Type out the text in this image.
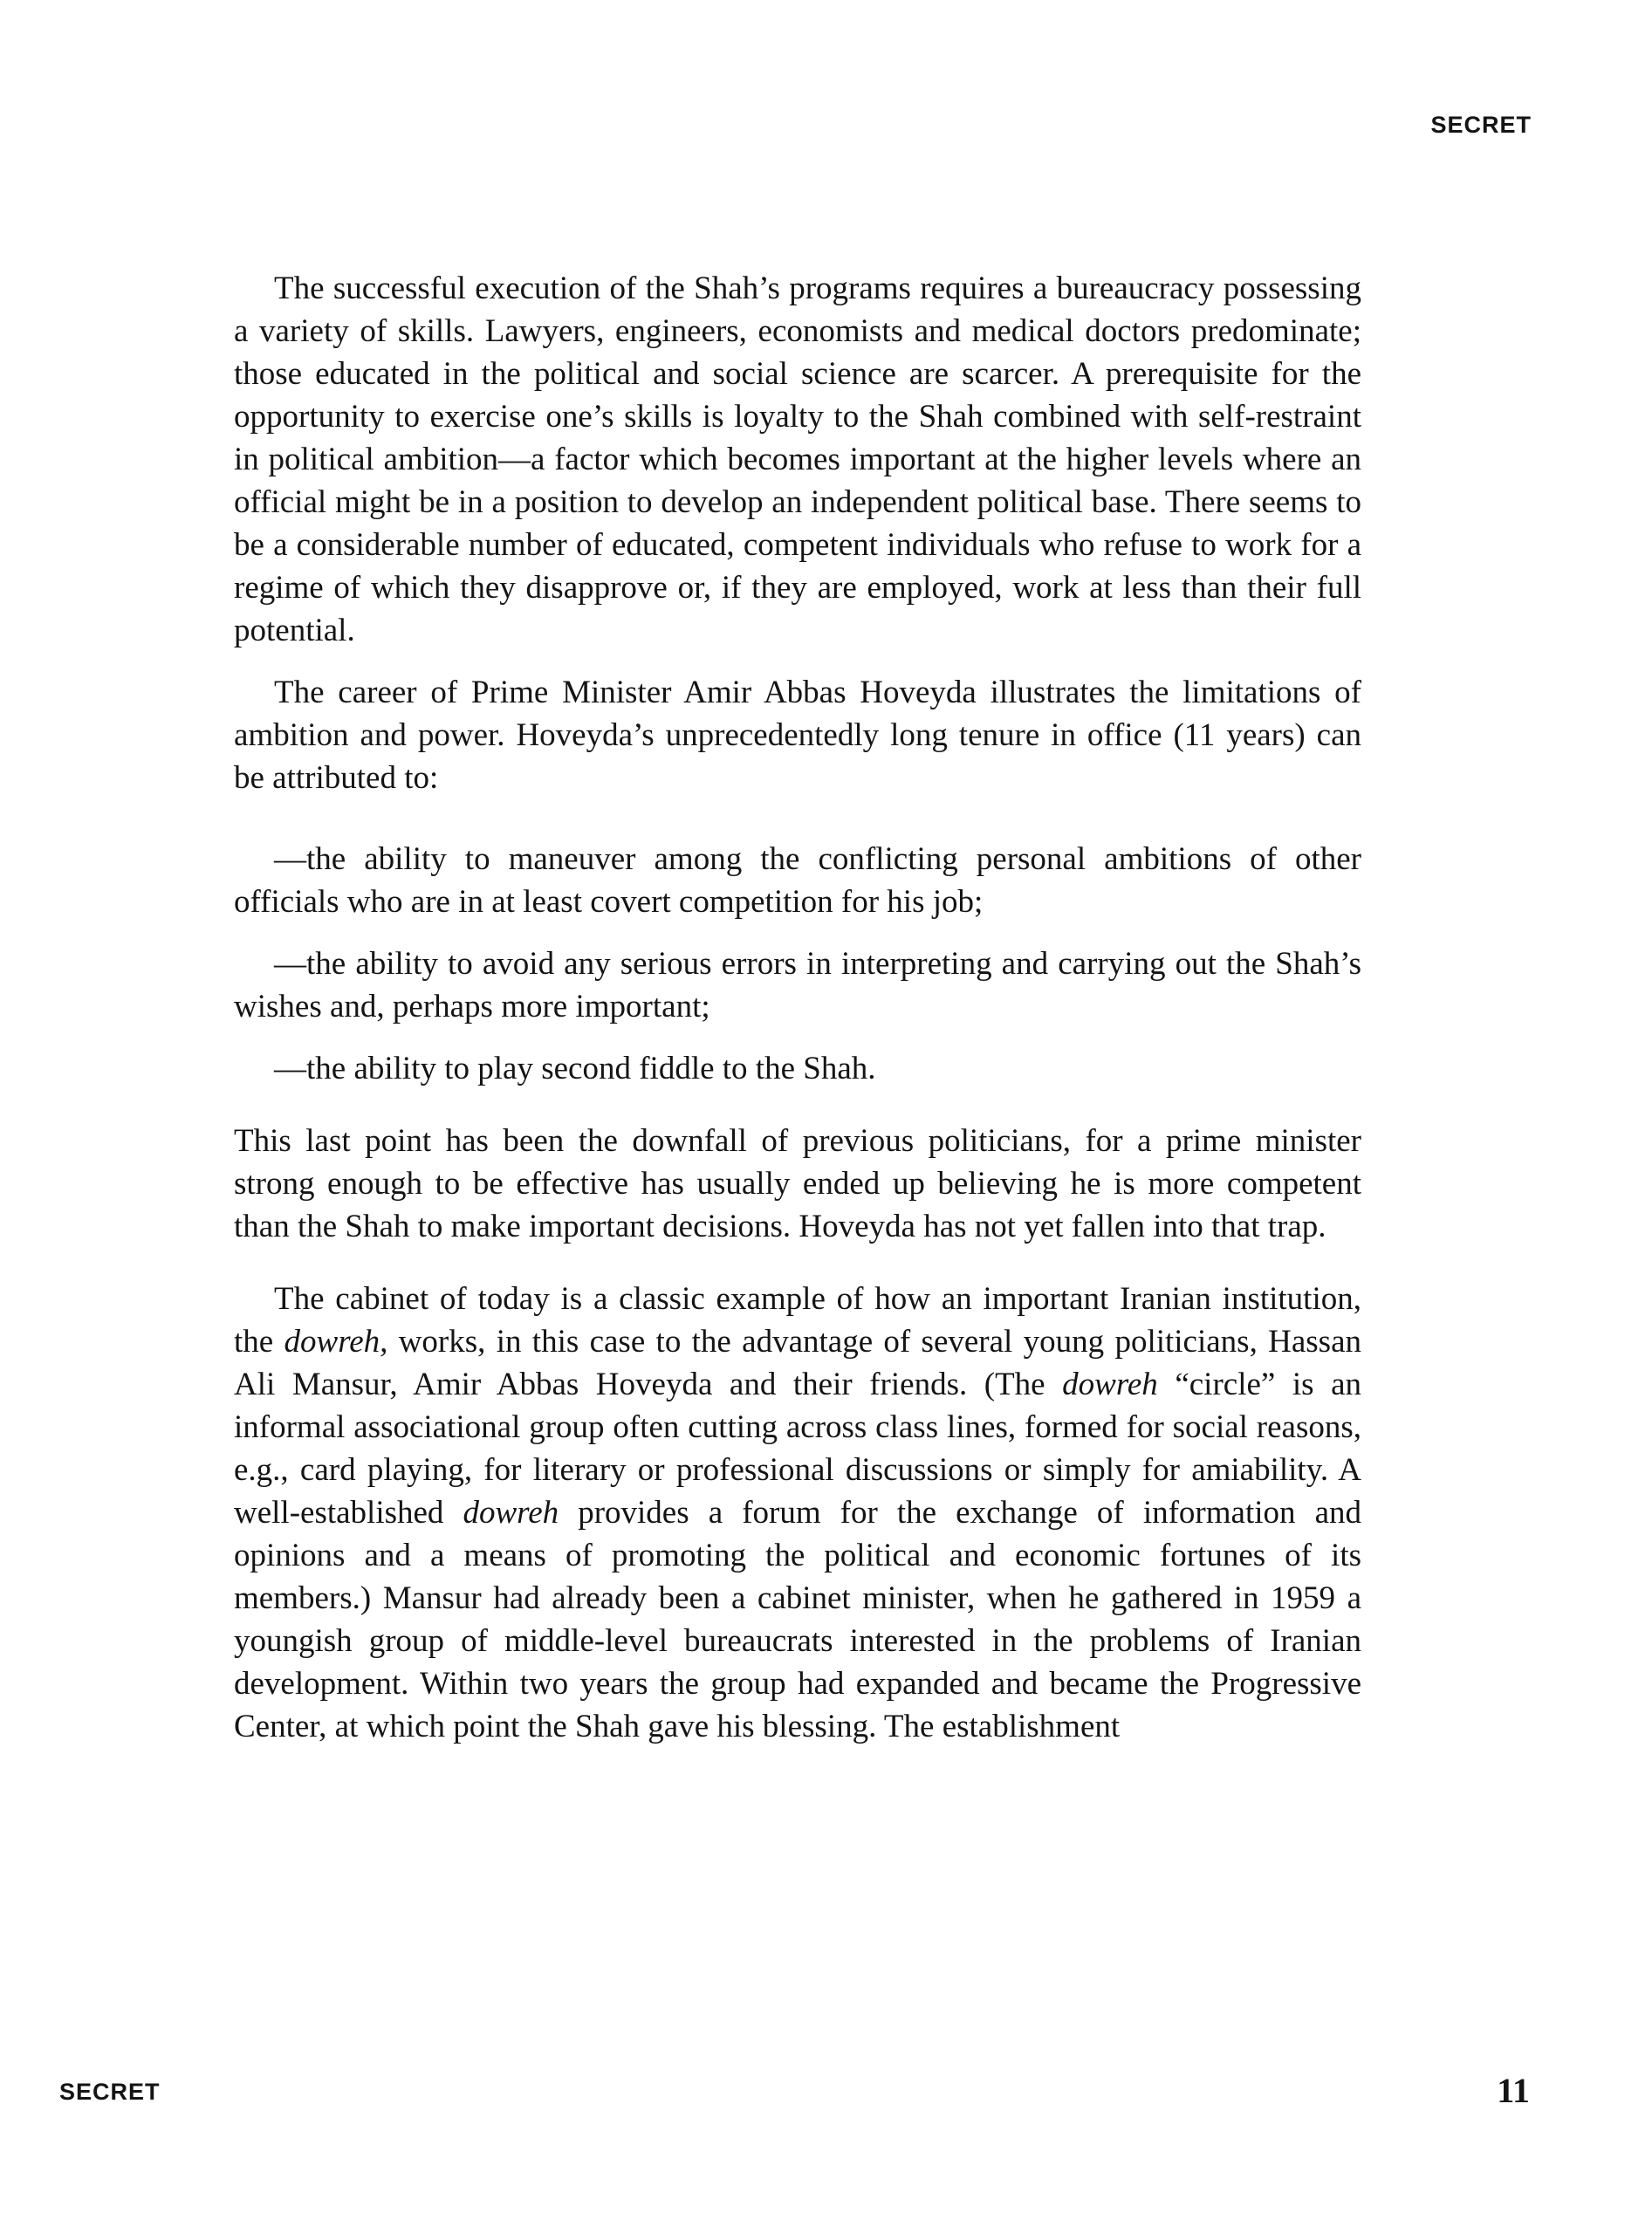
SECRET

The successful execution of the Shah’s programs requires a bureaucracy possessing a variety of skills. Lawyers, engineers, economists and medical doctors predominate; those educated in the political and social science are scarcer. A prerequisite for the opportunity to exercise one’s skills is loyalty to the Shah combined with self-restraint in political ambition—a factor which becomes important at the higher levels where an official might be in a position to develop an independent political base. There seems to be a considerable number of educated, competent individuals who refuse to work for a regime of which they disapprove or, if they are employed, work at less than their full potential.

The career of Prime Minister Amir Abbas Hoveyda illustrates the limitations of ambition and power. Hoveyda’s unprecedentedly long tenure in office (11 years) can be attributed to:

—the ability to maneuver among the conflicting personal ambitions of other officials who are in at least covert competition for his job;

—the ability to avoid any serious errors in interpreting and carrying out the Shah’s wishes and, perhaps more important;

—the ability to play second fiddle to the Shah.

This last point has been the downfall of previous politicians, for a prime minister strong enough to be effective has usually ended up believing he is more competent than the Shah to make important decisions. Hoveyda has not yet fallen into that trap.

The cabinet of today is a classic example of how an important Iranian institution, the dowreh, works, in this case to the advantage of several young politicians, Hassan Ali Mansur, Amir Abbas Hoveyda and their friends. (The dowreh “circle” is an informal associational group often cutting across class lines, formed for social reasons, e.g., card playing, for literary or professional discussions or simply for amiability. A well-established dowreh provides a forum for the exchange of information and opinions and a means of promoting the political and economic fortunes of its members.) Mansur had already been a cabinet minister, when he gathered in 1959 a youngish group of middle-level bureaucrats interested in the problems of Iranian development. Within two years the group had expanded and became the Progressive Center, at which point the Shah gave his blessing. The establishment

SECRET	11
